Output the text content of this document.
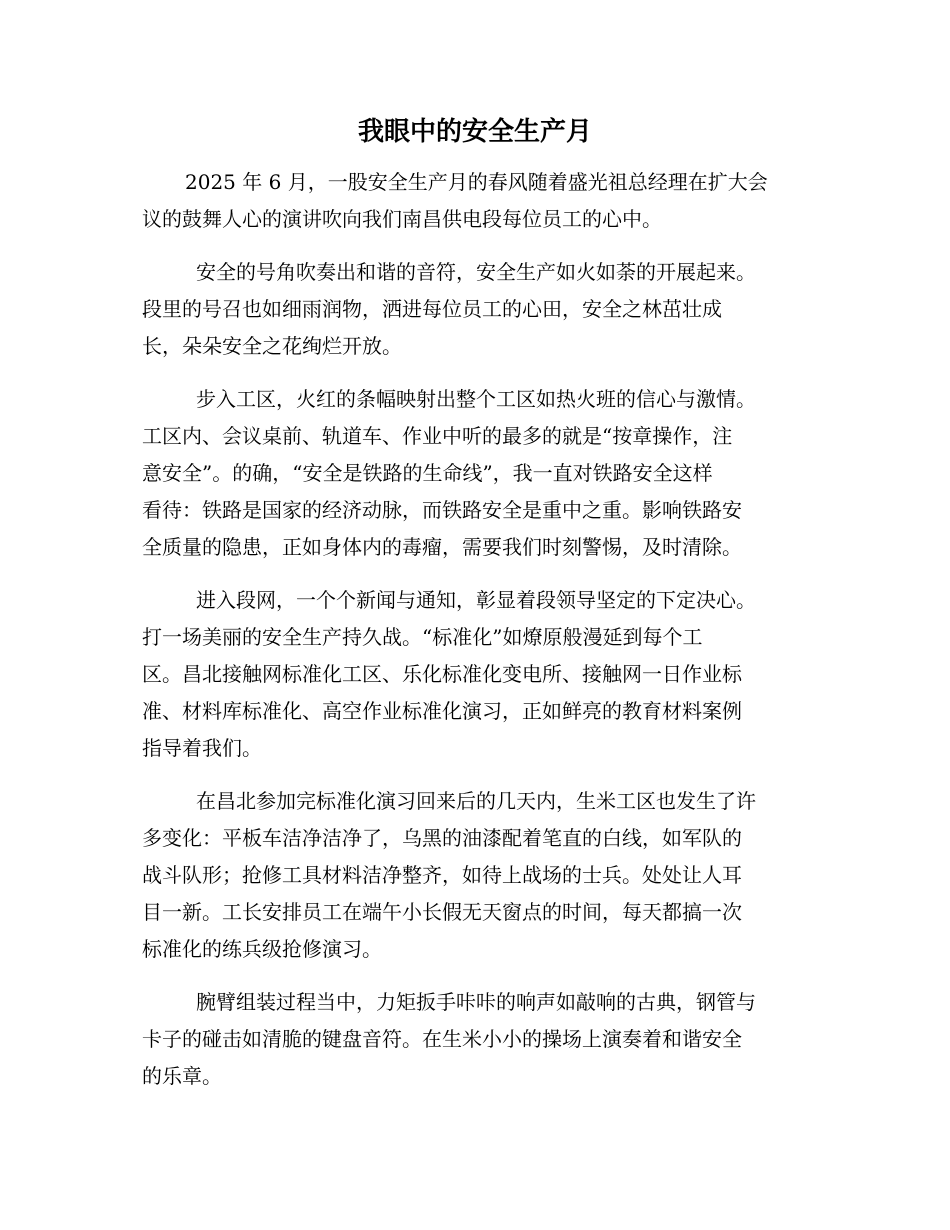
我眼中的安全生产月

2025 年 6 月，一股安全生产月的春风随着盛光祖总经理在扩大会

议的鼓舞人心的演讲吹向我们南昌供电段每位员工的心中。

安全的号角吹奏出和谐的音符，安全生产如火如荼的开展起来。

段里的号召也如细雨润物，洒进每位员工的心田，安全之林茁壮成

长，朵朵安全之花绚烂开放。

步入工区，火红的条幅映射出整个工区如热火班的信心与激情。

工区内、会议桌前、轨道车、作业中听的最多的就是“按章操作，注

意安全”。的确，“安全是铁路的生命线”，我一直对铁路安全这样

看待：铁路是国家的经济动脉，而铁路安全是重中之重。影响铁路安

全质量的隐患，正如身体内的毒瘤，需要我们时刻警惕，及时清除。

进入段网，一个个新闻与通知，彰显着段领导坚定的下定决心。

打一场美丽的安全生产持久战。“标准化”如燎原般漫延到每个工

区。昌北接触网标准化工区、乐化标准化变电所、接触网一日作业标

准、材料库标准化、高空作业标准化演习，正如鲜亮的教育材料案例

指导着我们。

在昌北参加完标准化演习回来后的几天内，生米工区也发生了许

多变化：平板车洁净洁净了，乌黑的油漆配着笔直的白线，如军队的

战斗队形；抢修工具材料洁净整齐，如待上战场的士兵。处处让人耳

目一新。工长安排员工在端午小长假无天窗点的时间，每天都搞一次

标准化的练兵级抢修演习。

腕臂组装过程当中，力矩扳手咔咔的响声如敲响的古典，钢管与

卡子的碰击如清脆的键盘音符。在生米小小的操场上演奏着和谐安全

的乐章。
